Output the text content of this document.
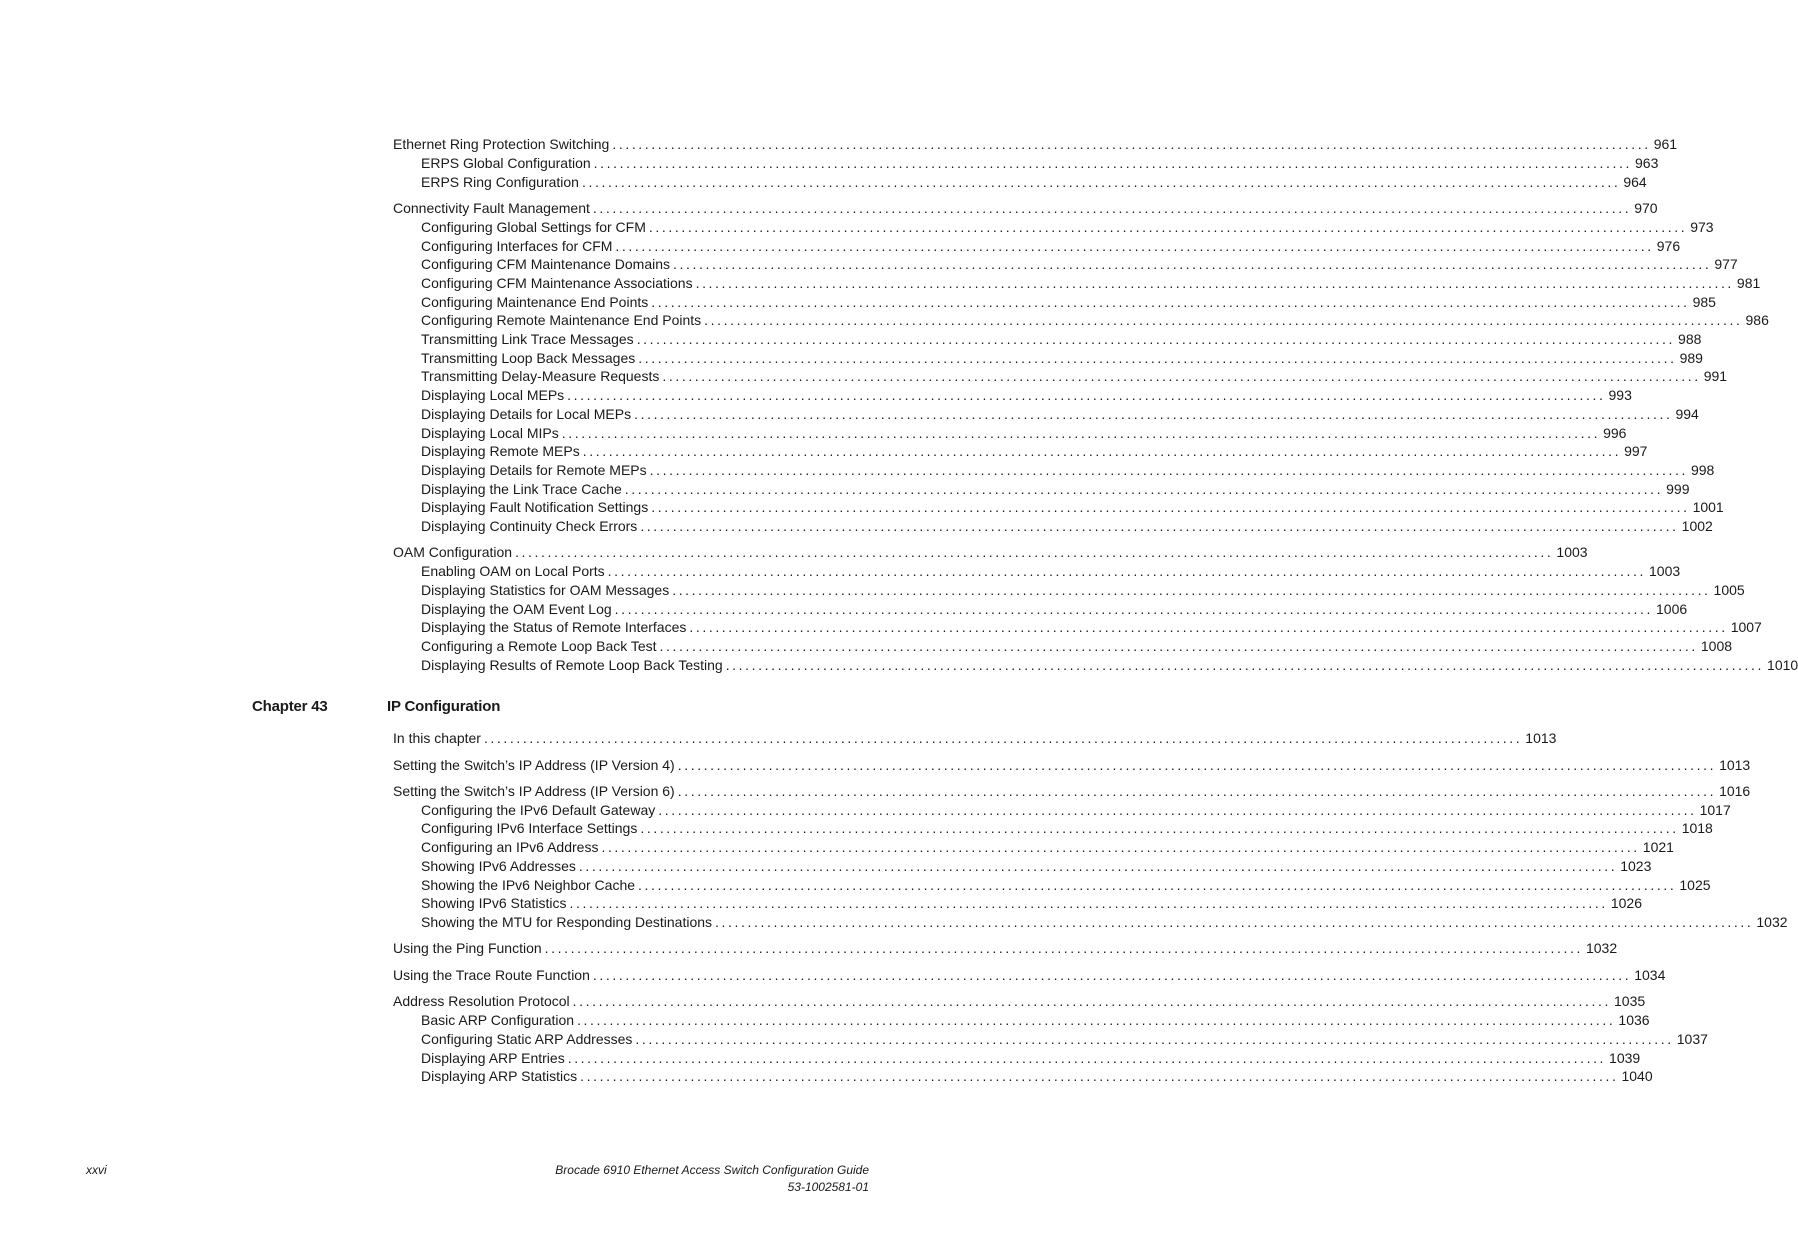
Ethernet Ring Protection Switching ................................................................................................................................................................ 961
ERPS Global Configuration ................................................................................................................................................................ 963
ERPS Ring Configuration ................................................................................................................................................................ 964
Connectivity Fault Management ................................................................................................................................................................ 970
Configuring Global Settings for CFM ................................................................................................................................................................ 973
Configuring Interfaces for CFM ................................................................................................................................................................ 976
Configuring CFM Maintenance Domains ................................................................................................................................................................ 977
Configuring CFM Maintenance Associations ................................................................................................................................................................ 981
Configuring Maintenance End Points ................................................................................................................................................................ 985
Configuring Remote Maintenance End Points ................................................................................................................................................................ 986
Transmitting Link Trace Messages ................................................................................................................................................................ 988
Transmitting Loop Back Messages ................................................................................................................................................................ 989
Transmitting Delay-Measure Requests ................................................................................................................................................................ 991
Displaying Local MEPs ................................................................................................................................................................ 993
Displaying Details for Local MEPs ................................................................................................................................................................ 994
Displaying Local MIPs ................................................................................................................................................................ 996
Displaying Remote MEPs ................................................................................................................................................................ 997
Displaying Details for Remote MEPs ................................................................................................................................................................ 998
Displaying the Link Trace Cache ................................................................................................................................................................ 999
Displaying Fault Notification Settings ................................................................................................................................................................ 1001
Displaying Continuity Check Errors ................................................................................................................................................................ 1002
OAM Configuration ................................................................................................................................................................ 1003
Enabling OAM on Local Ports ................................................................................................................................................................ 1003
Displaying Statistics for OAM Messages ................................................................................................................................................................ 1005
Displaying the OAM Event Log ................................................................................................................................................................ 1006
Displaying the Status of Remote Interfaces ................................................................................................................................................................ 1007
Configuring a Remote Loop Back Test ................................................................................................................................................................ 1008
Displaying Results of Remote Loop Back Testing ................................................................................................................................................................ 1010
Chapter 43	IP Configuration
In this chapter ................................................................................................................................................................ 1013
Setting the Switch’s IP Address (IP Version 4) ................................................................................................................................................................ 1013
Setting the Switch’s IP Address (IP Version 6) ................................................................................................................................................................ 1016
Configuring the IPv6 Default Gateway ................................................................................................................................................................ 1017
Configuring IPv6 Interface Settings ................................................................................................................................................................ 1018
Configuring an IPv6 Address ................................................................................................................................................................ 1021
Showing IPv6 Addresses ................................................................................................................................................................ 1023
Showing the IPv6 Neighbor Cache ................................................................................................................................................................ 1025
Showing IPv6 Statistics ................................................................................................................................................................ 1026
Showing the MTU for Responding Destinations ................................................................................................................................................................ 1032
Using the Ping Function ................................................................................................................................................................ 1032
Using the Trace Route Function ................................................................................................................................................................ 1034
Address Resolution Protocol ................................................................................................................................................................ 1035
Basic ARP Configuration ................................................................................................................................................................ 1036
Configuring Static ARP Addresses ................................................................................................................................................................ 1037
Displaying ARP Entries ................................................................................................................................................................ 1039
Displaying ARP Statistics ................................................................................................................................................................ 1040
xxvi	Brocade 6910 Ethernet Access Switch Configuration Guide
53-1002581-01
